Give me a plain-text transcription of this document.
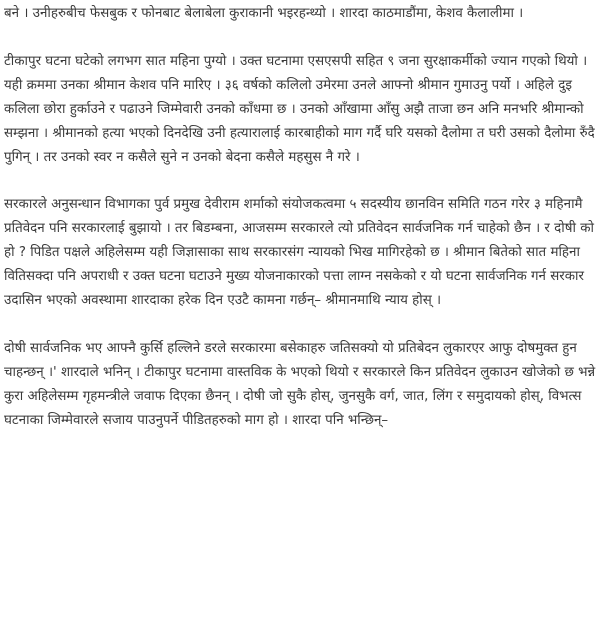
बने । उनीहरुबीच फेसबुक र फोनबाट बेलाबेला कुराकानी भइरहन्थ्यो । शारदा काठमाडौंमा, केशव कैलालीमा ।

टीकापुर घटना घटेको लगभग सात महिना पुग्यो । उक्त घटनामा एसएसपी सहित ९ जना सुरक्षाकर्मीको ज्यान गएको थियो । यही क्रममा उनका श्रीमान केशव पनि मारिए । ३६ वर्षको कलिलो उमेरमा उनले आफ्नो श्रीमान गुमाउनु पर्यो । अहिले दुइ कलिला छोरा हुर्काउने र पढाउने जिम्मेवारी उनको काँधमा छ । उनको आँखामा आँसु अझै ताजा छन अनि मनभरि श्रीमान्को सम्झना । श्रीमानको हत्या भएको दिनदेखि उनी हत्यारालाई कारबाहीको माग गर्दै घरि यसको दैलोमा त घरी उसको दैलोमा रुँदै पुगिन् । तर उनको स्वर न कसैले सुने न उनको बेदना कसैले महसुस नै गरे ।

सरकारले अनुसन्धान विभागका पुर्व प्रमुख देवीराम शर्माको संयोजकत्वमा ५ सदस्यीय छानविन समिति गठन गरेर ३ महिनामै प्रतिवेदन पनि सरकारलाई बुझायो । तर बिडम्बना, आजसम्म सरकारले त्यो प्रतिवेदन सार्वजनिक गर्न चाहेको छैन । र दोषी को हो ? पिडित पक्षले अहिलेसम्म यही जिज्ञासाका साथ सरकारसंग न्यायको भिख मागिरहेको छ । श्रीमान बितेको सात महिना वितिसक्दा पनि अपराधी र उक्त घटना घटाउने मुख्य योजनाकारको पत्ता लाग्न नसकेको र यो घटना सार्वजनिक गर्न सरकार उदासिन भएको अवस्थामा शारदाका हरेक दिन एउटै कामना गर्छन्– श्रीमानमाथि न्याय होस् ।

दोषी सार्वजनिक भए आफ्नै कुर्सि हल्लिने डरले सरकारमा बसेकाहरु जतिसक्यो यो प्रतिबेदन लुकारएर आफु दोषमुक्त हुन चाहन्छन् ।' शारदाले भनिन् । टीकापुर घटनामा वास्तविक के भएको थियो र सरकारले किन प्रतिवेदन लुकाउन खोजेको छ भन्ने कुरा अहिलेसम्म गृहमन्त्रीले जवाफ दिएका छैनन् । दोषी जो सुकै होस्, जुनसुकै वर्ग, जात, लिंग र समुदायको होस्, विभत्स घटनाका जिम्मेवारले सजाय पाउनुपर्ने पीडितहरुको माग हो । शारदा पनि भन्छिन्–
